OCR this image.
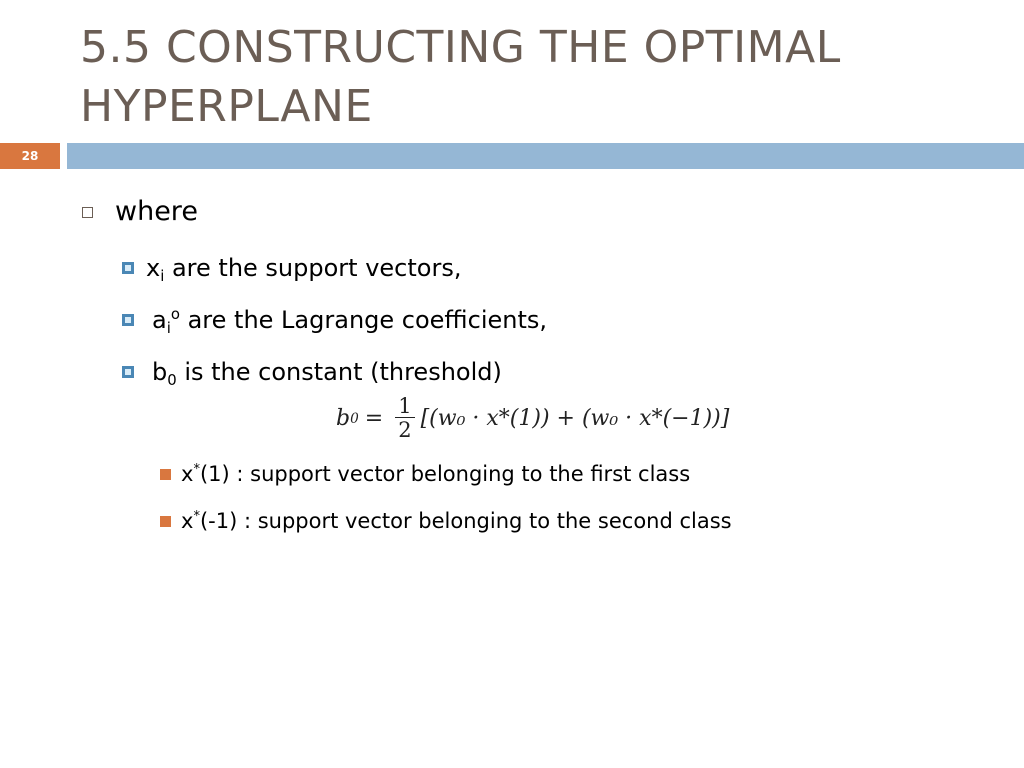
5.5 CONSTRUCTING THE OPTIMAL HYPERPLANE
28
where
$x_i$ are the support vectors,
$a_i^o$ are the Lagrange coefficients,
$b_0$ is the constant (threshold)
b $0 = \frac{1}{2} [(w_0 \cdot x*(1)) + (w_0 \cdot x*(-1))]$
x*(1) : support vector belonging to the first class
x*(-1) : support vector belonging to the second class
